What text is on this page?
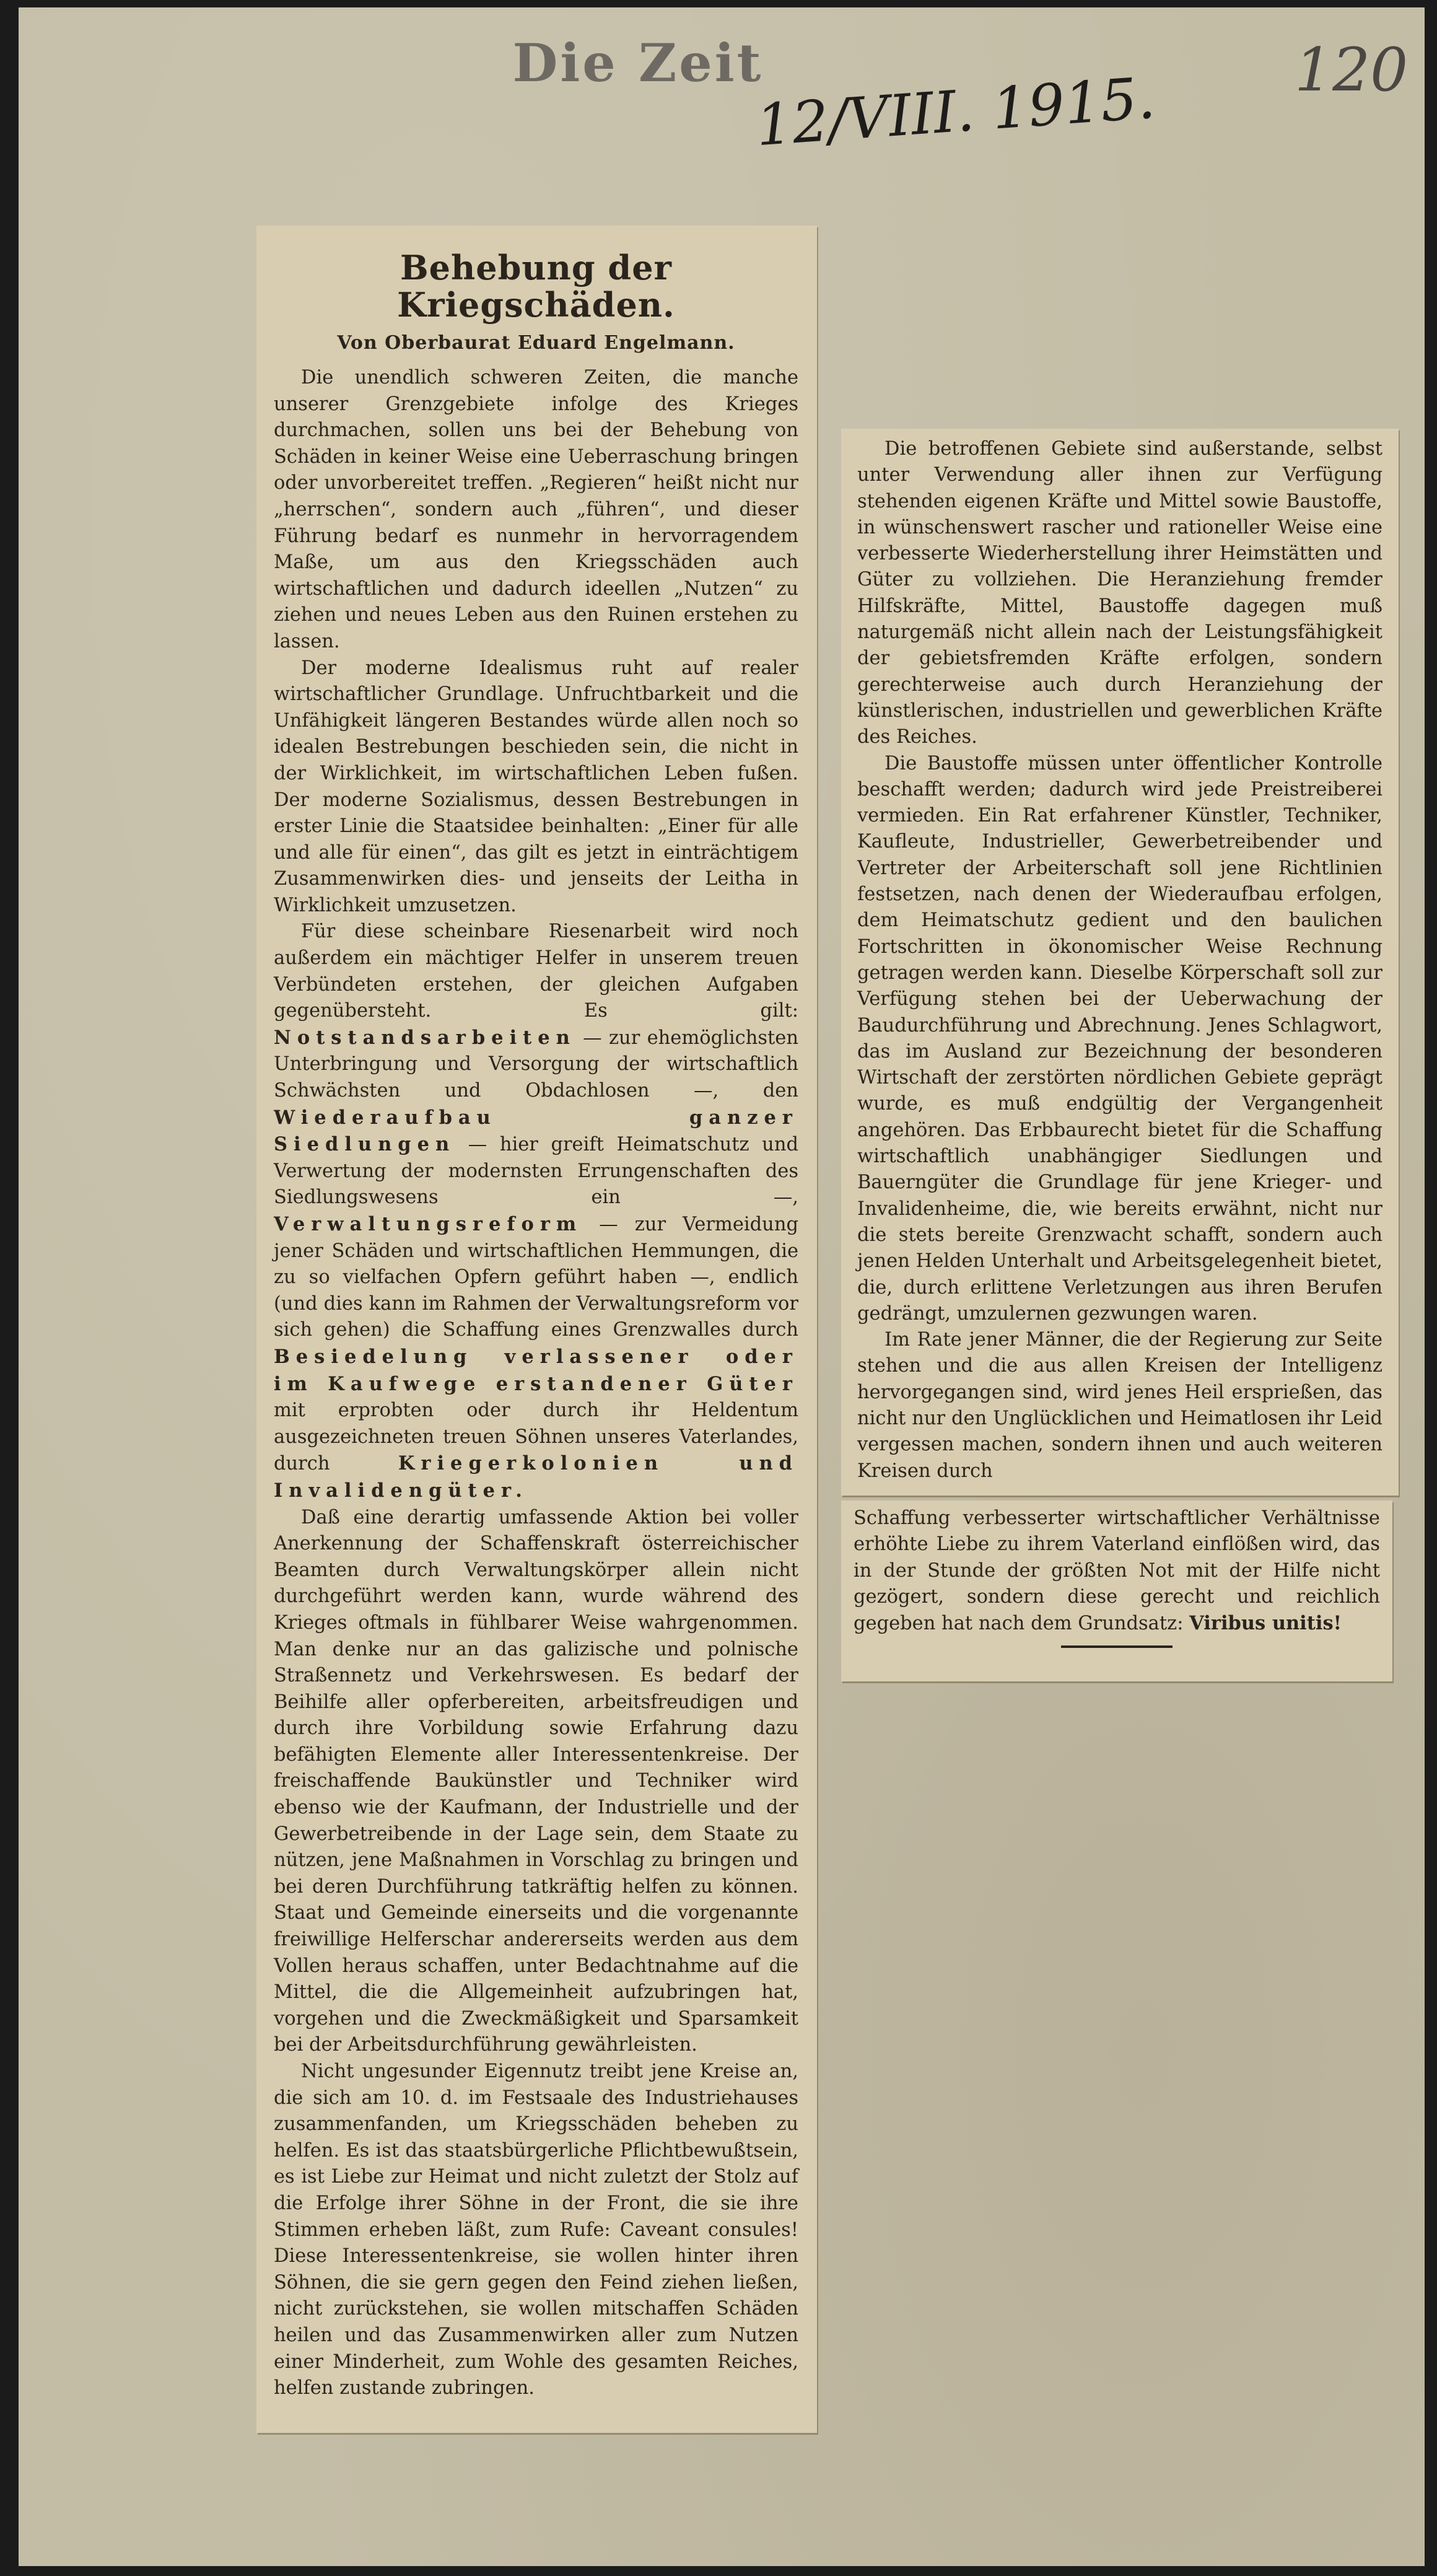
Die Zeit
12/VIII. 1915. 120
Behebung der Kriegschäden.
Von Oberbaurat Eduard Engelmann.

Die unendlich schweren Zeiten, die manche unserer Grenzgebiete infolge des Krieges durchmachen, sollen uns bei der Behebung von Schäden in keiner Weise eine Ueberraschung bringen oder unvorbereitet treffen. „Regieren“ heißt nicht nur „herrschen“, sondern auch „führen“, und dieser Führung bedarf es nunmehr in hervorragendem Maße, um aus den Kriegsschäden auch wirtschaftlichen und dadurch ideellen „Nutzen“ zu ziehen und neues Leben aus den Ruinen erstehen zu lassen.

Der moderne Idealismus ruht auf realer wirtschaftlicher Grundlage. Unfruchtbarkeit und die Unfähigkeit längeren Bestandes würde allen noch so idealen Bestrebungen beschieden sein, die nicht in der Wirklichkeit, im wirtschaftlichen Leben fußen. Der moderne Sozialismus, dessen Bestrebungen in erster Linie die Staatsidee beinhalten: „Einer für alle und alle für einen“, das gilt es jetzt in einträchtigem Zusammenwirken dies- und jenseits der Leitha in Wirklichkeit umzusetzen.

Für diese scheinbare Riesenarbeit wird noch außerdem ein mächtiger Helfer in unserem treuen Verbündeten erstehen, der gleichen Aufgaben gegenübersteht. Es gilt: Notstandsarbeiten — zur ehemöglichsten Unterbringung und Versorgung der wirtschaftlich Schwächsten und Obdachlosen —, den Wiederaufbau ganzer Siedlungen — hier greift Heimatschutz und Verwertung der modernsten Errungenschaften des Siedlungswesens ein —, Verwaltungsreform — zur Vermeidung jener Schäden und wirtschaftlichen Hemmungen, die zu so vielfachen Opfern geführt haben —, endlich (und dies kann im Rahmen der Verwaltungsreform vor sich gehen) die Schaffung eines Grenzwalles durch Besiedelung verlassener oder im Kaufwege erstandener Güter mit erprobten oder durch ihr Heldentum ausgezeichneten treuen Söhnen unseres Vaterlandes, durch Kriegerkolonien und Invalidengüter.

Daß eine derartig umfassende Aktion bei voller Anerkennung der Schaffenskraft österreichischer Beamten durch Verwaltungskörper allein nicht durchgeführt werden kann, wurde während des Krieges oftmals in fühlbarer Weise wahrgenommen. Man denke nur an das galizische und polnische Straßennetz und Verkehrswesen. Es bedarf der Beihilfe aller opferbereiten, arbeitsfreudigen und durch ihre Vorbildung sowie Erfahrung dazu befähigten Elemente aller Interessentenkreise. Der freischaffende Baukünstler und Techniker wird ebenso wie der Kaufmann, der Industrielle und der Gewerbetreibende in der Lage sein, dem Staate zu nützen, jene Maßnahmen in Vorschlag zu bringen und bei deren Durchführung tatkräftig helfen zu können. Staat und Gemeinde einerseits und die vorgenannte freiwillige Helferschar andererseits werden aus dem Vollen heraus schaffen, unter Bedachtnahme auf die Mittel, die die Allgemeinheit aufzubringen hat, vorgehen und die Zweckmäßigkeit und Sparsamkeit bei der Arbeitsdurchführung gewährleisten.

Nicht ungesunder Eigennutz treibt jene Kreise an, die sich am 10. d. im Festsaale des Industriehauses zusammenfanden, um Kriegsschäden beheben zu helfen. Es ist das staatsbürgerliche Pflichtbewußtsein, es ist Liebe zur Heimat und nicht zuletzt der Stolz auf die Erfolge ihrer Söhne in der Front, die sie ihre Stimmen erheben läßt, zum Rufe: Caveant consules! Diese Interessentenkreise, sie wollen hinter ihren Söhnen, die sie gern gegen den Feind ziehen ließen, nicht zurückstehen, sie wollen mitschaffen Schäden heilen und das Zusammenwirken aller zum Nutzen einer Minderheit, zum Wohle des gesamten Reiches, helfen zustande zubringen.

Die betroffenen Gebiete sind außerstande, selbst unter Verwendung aller ihnen zur Verfügung stehenden eigenen Kräfte und Mittel sowie Baustoffe, in wünschenswert rascher und rationeller Weise eine verbesserte Wiederherstellung ihrer Heimstätten und Güter zu vollziehen. Die Heranziehung fremder Hilfskräfte, Mittel, Baustoffe dagegen muß naturgemäß nicht allein nach der Leistungsfähigkeit der gebietsfremden Kräfte erfolgen, sondern gerechterweise auch durch Heranziehung der künstlerischen, industriellen und gewerblichen Kräfte des Reiches.

Die Baustoffe müssen unter öffentlicher Kontrolle beschafft werden; dadurch wird jede Preistreiberei vermieden. Ein Rat erfahrener Künstler, Techniker, Kaufleute, Industrieller, Gewerbetreibender und Vertreter der Arbeiterschaft soll jene Richtlinien festsetzen, nach denen der Wiederaufbau erfolgen, dem Heimatschutz gedient und den baulichen Fortschritten in ökonomischer Weise Rechnung getragen werden kann. Dieselbe Körperschaft soll zur Verfügung stehen bei der Ueberwachung der Baudurchführung und Abrechnung. Jenes Schlagwort, das im Ausland zur Bezeichnung der besonderen Wirtschaft der zerstörten nördlichen Gebiete geprägt wurde, es muß endgültig der Vergangenheit angehören. Das Erbbaurecht bietet für die Schaffung wirtschaftlich unabhängiger Siedlungen und Bauerngüter die Grundlage für jene Krieger- und Invalidenheime, die, wie bereits erwähnt, nicht nur die stets bereite Grenzwacht schafft, sondern auch jenen Helden Unterhalt und Arbeitsgelegenheit bietet, die, durch erlittene Verletzungen aus ihren Berufen gedrängt, umzulernen gezwungen waren.

Im Rate jener Männer, die der Regierung zur Seite stehen und die aus allen Kreisen der Intelligenz hervorgegangen sind, wird jenes Heil ersprießen, das nicht nur den Unglücklichen und Heimatlosen ihr Leid vergessen machen, sondern ihnen und auch weiteren Kreisen durch

Schaffung verbesserter wirtschaftlicher Verhältnisse erhöhte Liebe zu ihrem Vaterland einflößen wird, das in der Stunde der größten Not mit der Hilfe nicht gezögert, sondern diese gerecht und reichlich gegeben hat nach dem Grundsatz: Viribus unitis!
